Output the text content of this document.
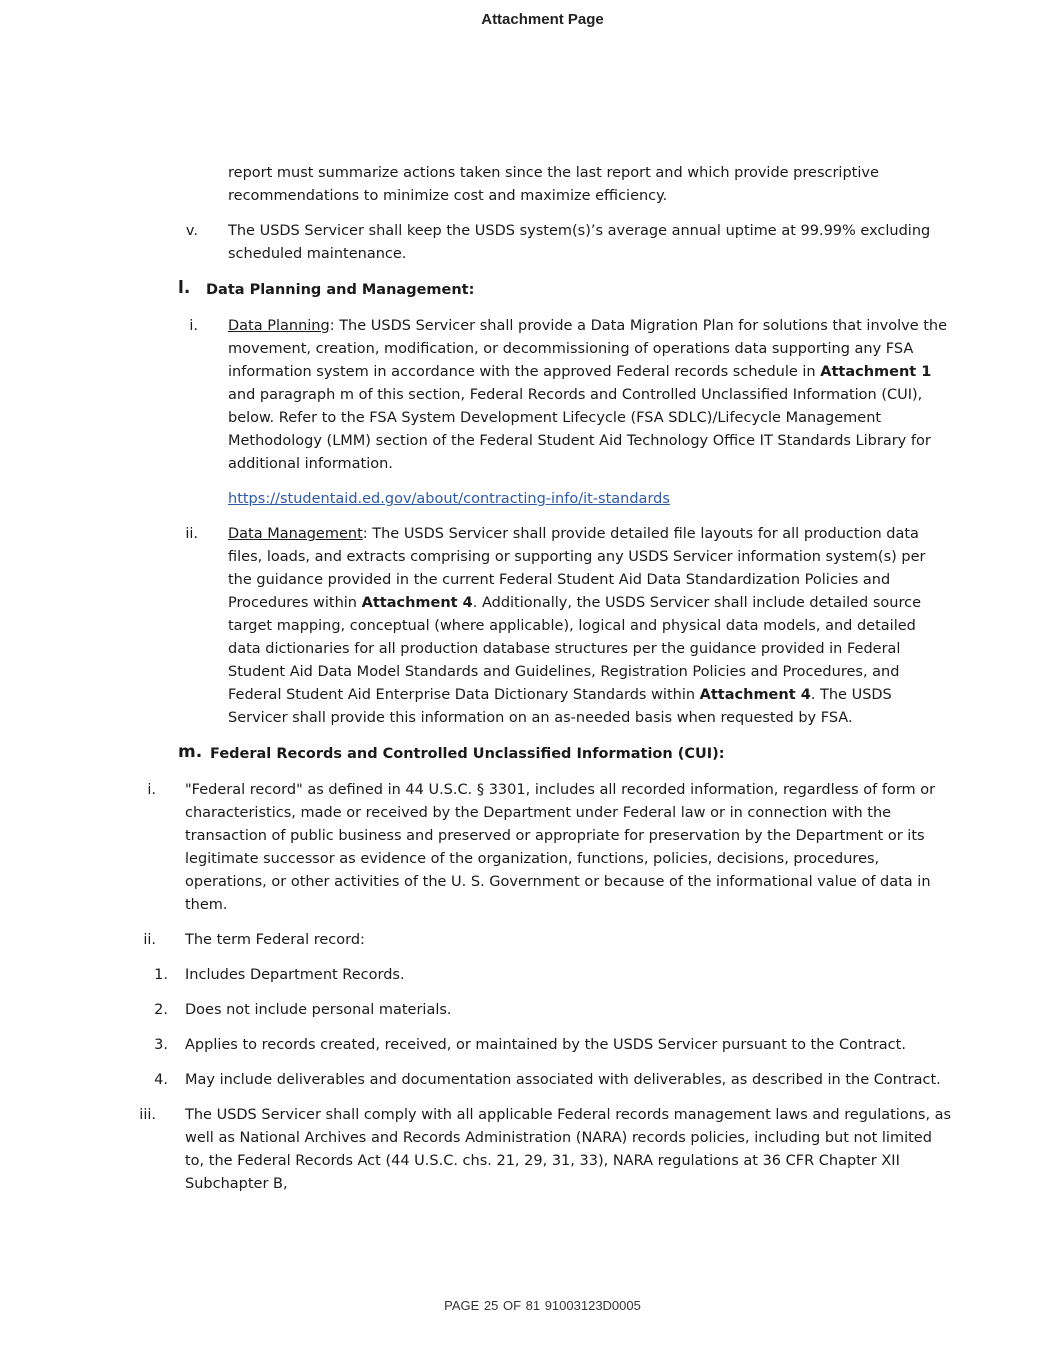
Attachment Page
report must summarize actions taken since the last report and which provide prescriptive recommendations to minimize cost and maximize efficiency.
v. The USDS Servicer shall keep the USDS system(s)’s average annual uptime at 99.99% excluding scheduled maintenance.
l. Data Planning and Management:
i. Data Planning: The USDS Servicer shall provide a Data Migration Plan for solutions that involve the movement, creation, modification, or decommissioning of operations data supporting any FSA information system in accordance with the approved Federal records schedule in Attachment 1 and paragraph m of this section, Federal Records and Controlled Unclassified Information (CUI), below. Refer to the FSA System Development Lifecycle (FSA SDLC)/Lifecycle Management Methodology (LMM) section of the Federal Student Aid Technology Office IT Standards Library for additional information.
https://studentaid.ed.gov/about/contracting-info/it-standards
ii. Data Management: The USDS Servicer shall provide detailed file layouts for all production data files, loads, and extracts comprising or supporting any USDS Servicer information system(s) per the guidance provided in the current Federal Student Aid Data Standardization Policies and Procedures within Attachment 4. Additionally, the USDS Servicer shall include detailed source target mapping, conceptual (where applicable), logical and physical data models, and detailed data dictionaries for all production database structures per the guidance provided in Federal Student Aid Data Model Standards and Guidelines, Registration Policies and Procedures, and Federal Student Aid Enterprise Data Dictionary Standards within Attachment 4. The USDS Servicer shall provide this information on an as-needed basis when requested by FSA.
m. Federal Records and Controlled Unclassified Information (CUI):
i. "Federal record" as defined in 44 U.S.C. § 3301, includes all recorded information, regardless of form or characteristics, made or received by the Department under Federal law or in connection with the transaction of public business and preserved or appropriate for preservation by the Department or its legitimate successor as evidence of the organization, functions, policies, decisions, procedures, operations, or other activities of the U. S. Government or because of the informational value of data in them.
ii. The term Federal record:
1. Includes Department Records.
2. Does not include personal materials.
3. Applies to records created, received, or maintained by the USDS Servicer pursuant to the Contract.
4. May include deliverables and documentation associated with deliverables, as described in the Contract.
iii. The USDS Servicer shall comply with all applicable Federal records management laws and regulations, as well as National Archives and Records Administration (NARA) records policies, including but not limited to, the Federal Records Act (44 U.S.C. chs. 21, 29, 31, 33), NARA regulations at 36 CFR Chapter XII Subchapter B,
PAGE 25 OF 81 91003123D0005
